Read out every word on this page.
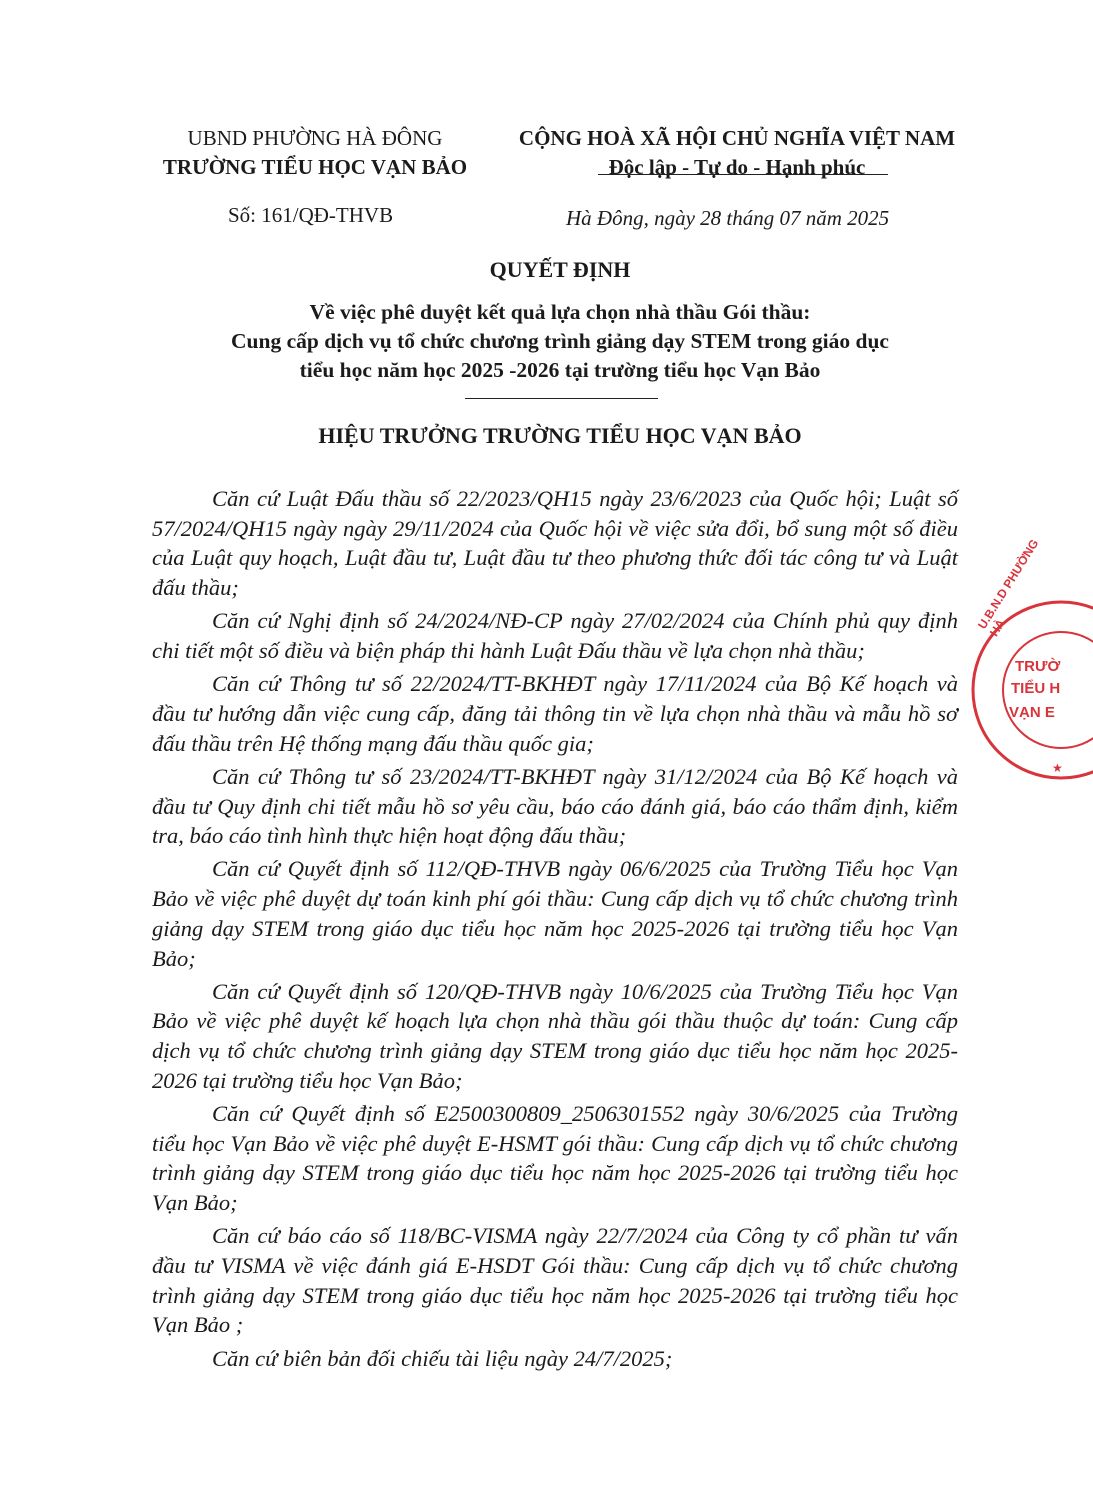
UBND PHƯỜNG HÀ ĐÔNG
TRƯỜNG TIỂU HỌC VẠN BẢO
CỘNG HOÀ XÃ HỘI CHỦ NGHĨA VIỆT NAM
Độc lập - Tự do - Hạnh phúc
Số: 161/QĐ-THVB	Hà Đông, ngày 28 tháng 07 năm 2025
QUYẾT ĐỊNH
Về việc phê duyệt kết quả lựa chọn nhà thầu Gói thầu:
Cung cấp dịch vụ tổ chức chương trình giảng dạy STEM trong giáo dục
tiểu học năm học 2025 -2026 tại trường tiểu học Vạn Bảo
HIỆU TRƯỞNG TRƯỜNG TIỂU HỌC VẠN BẢO

Căn cứ Luật Đấu thầu số 22/2023/QH15 ngày 23/6/2023 của Quốc hội; Luật số 57/2024/QH15 ngày ngày 29/11/2024 của Quốc hội về việc sửa đổi, bổ sung một số điều của Luật quy hoạch, Luật đầu tư, Luật đầu tư theo phương thức đối tác công tư và Luật đấu thầu;

Căn cứ Nghị định số 24/2024/NĐ-CP ngày 27/02/2024 của Chính phủ quy định chi tiết một số điều và biện pháp thi hành Luật Đấu thầu về lựa chọn nhà thầu;

Căn cứ Thông tư số 22/2024/TT-BKHĐT ngày 17/11/2024 của Bộ Kế hoạch và đầu tư hướng dẫn việc cung cấp, đăng tải thông tin về lựa chọn nhà thầu và mẫu hồ sơ đấu thầu trên Hệ thống mạng đấu thầu quốc gia;

Căn cứ Thông tư số 23/2024/TT-BKHĐT ngày 31/12/2024 của Bộ Kế hoạch và đầu tư Quy định chi tiết mẫu hồ sơ yêu cầu, báo cáo đánh giá, báo cáo thẩm định, kiểm tra, báo cáo tình hình thực hiện hoạt động đấu thầu;

Căn cứ Quyết định số 112/QĐ-THVB ngày 06/6/2025 của Trường Tiểu học Vạn Bảo về việc phê duyệt dự toán kinh phí gói thầu: Cung cấp dịch vụ tổ chức chương trình giảng dạy STEM trong giáo dục tiểu học năm học 2025-2026 tại trường tiểu học Vạn Bảo;

Căn cứ Quyết định số 120/QĐ-THVB ngày 10/6/2025 của Trường Tiểu học Vạn Bảo về việc phê duyệt kế hoạch lựa chọn nhà thầu gói thầu thuộc dự toán: Cung cấp dịch vụ tổ chức chương trình giảng dạy STEM trong giáo dục tiểu học năm học 2025-2026 tại trường tiểu học Vạn Bảo;

Căn cứ Quyết định số E2500300809_2506301552 ngày 30/6/2025 của Trường tiểu học Vạn Bảo về việc phê duyệt E-HSMT gói thầu: Cung cấp dịch vụ tổ chức chương trình giảng dạy STEM trong giáo dục tiểu học năm học 2025-2026 tại trường tiểu học Vạn Bảo;

Căn cứ báo cáo số 118/BC-VISMA ngày 22/7/2024 của Công ty cổ phần tư vấn đầu tư VISMA về việc đánh giá E-HSDT Gói thầu: Cung cấp dịch vụ tổ chức chương trình giảng dạy STEM trong giáo dục tiểu học năm học 2025-2026 tại trường tiểu học Vạn Bảo ;

Căn cứ biên bản đối chiếu tài liệu ngày 24/7/2025;

★
U.B.N.D PHƯỜNG HÀ
TRƯỜ
TIỂU H
VẠN E
